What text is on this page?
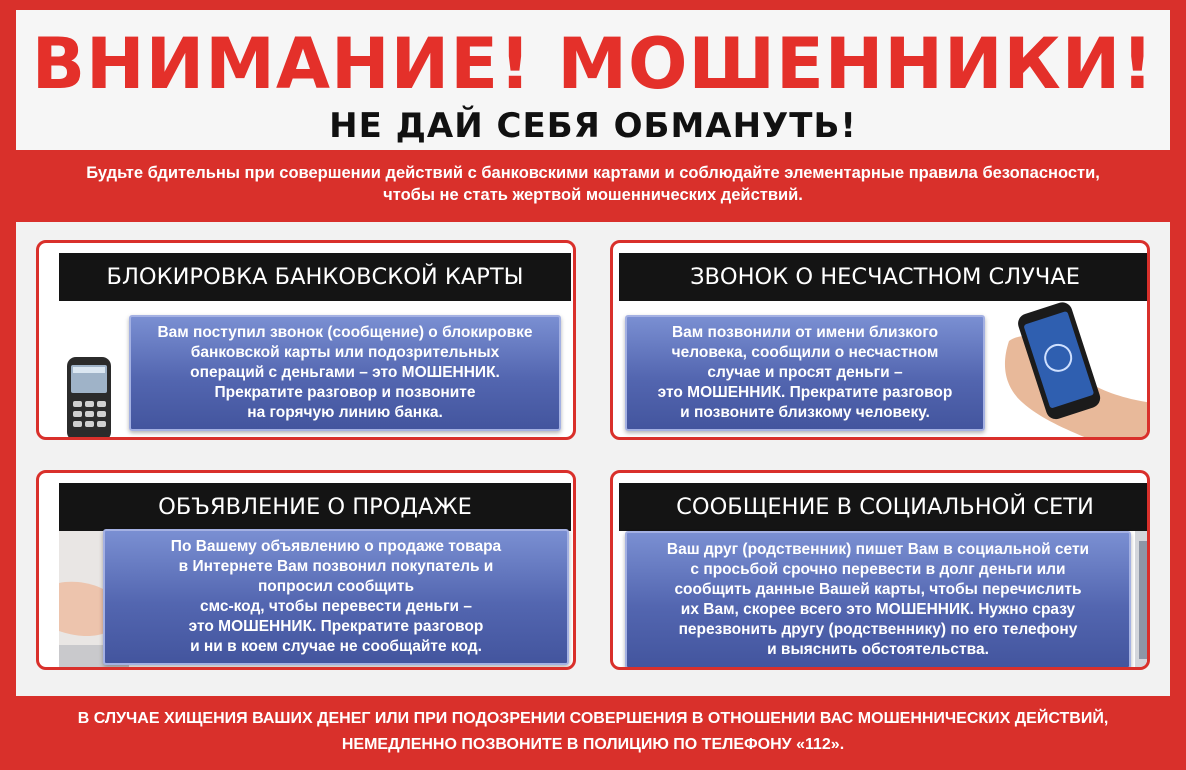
ВНИМАНИЕ! МОШЕННИКИ!
НЕ ДАЙ СЕБЯ ОБМАНУТЬ!
Будьте бдительны при совершении действий с банковскими картами и соблюдайте элементарные правила безопасности,
чтобы не стать жертвой мошеннических действий.
БЛОКИРОВКА БАНКОВСКОЙ КАРТЫ
Вам поступил звонок (сообщение) о блокировке
банковской карты или подозрительных
операций с деньгами – это МОШЕННИК.
Прекратите разговор и позвоните
на горячую линию банка.
ЗВОНОК О НЕСЧАСТНОМ СЛУЧАЕ
Вам позвонили от имени близкого
человека, сообщили о несчастном
случае и просят деньги –
это МОШЕННИК. Прекратите разговор
и позвоните близкому человеку.
ОБЪЯВЛЕНИЕ О ПРОДАЖЕ
По Вашему объявлению о продаже товара
в Интернете Вам позвонил покупатель и
попросил сообщить
смс-код, чтобы перевести деньги –
это МОШЕННИК. Прекратите разговор
и ни в коем случае не сообщайте код.
СООБЩЕНИЕ В СОЦИАЛЬНОЙ СЕТИ
Ваш друг (родственник) пишет Вам в социальной сети
с просьбой срочно перевести в долг деньги или
сообщить данные Вашей карты, чтобы перечислить
их Вам, скорее всего это МОШЕННИК. Нужно сразу
перезвонить другу (родственнику) по его телефону
и выяснить обстоятельства.
В СЛУЧАЕ ХИЩЕНИЯ ВАШИХ ДЕНЕГ ИЛИ ПРИ ПОДОЗРЕНИИ СОВЕРШЕНИЯ В ОТНОШЕНИИ ВАС МОШЕННИЧЕСКИХ ДЕЙСТВИЙ,
НЕМЕДЛЕННО ПОЗВОНИТЕ В ПОЛИЦИЮ ПО ТЕЛЕФОНУ «112».
